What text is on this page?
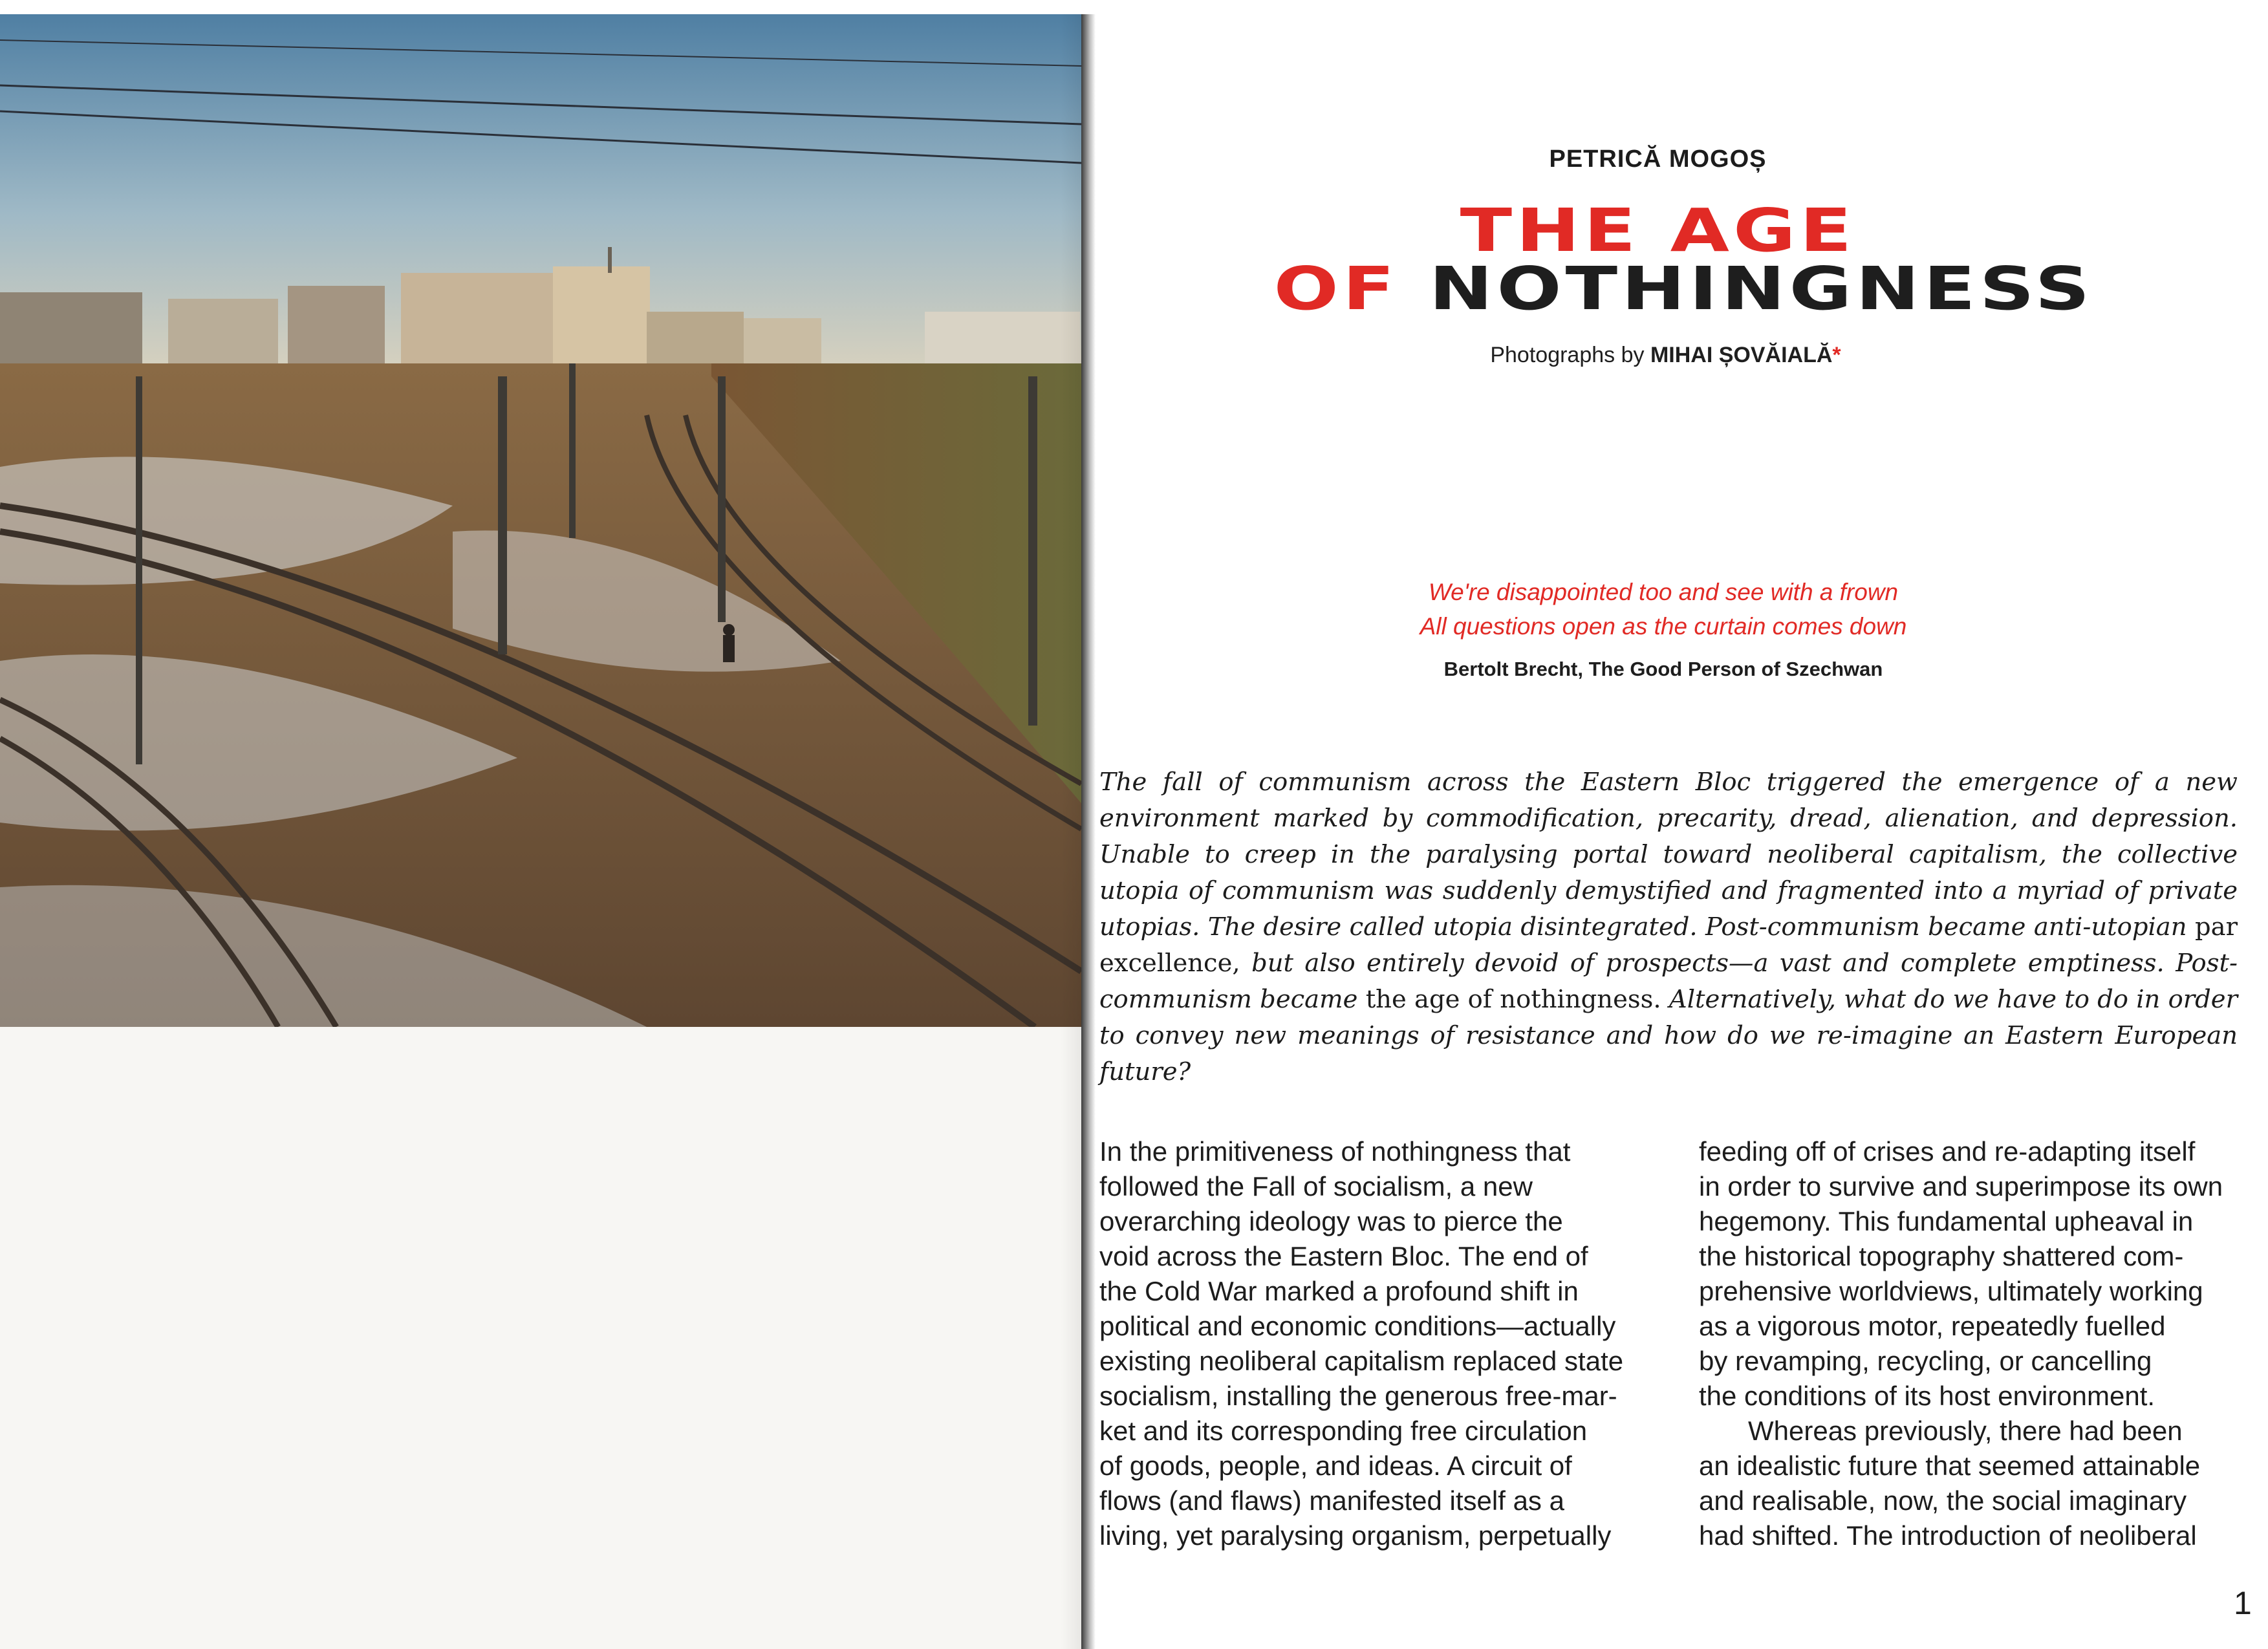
PETRICĂ MOGOȘ
THE AGE
OF NOTHINGNESS
Photographs by MIHAI ȘOVĂIALĂ*
We're disappointed too and see with a frown
All questions open as the curtain comes down
Bertolt Brecht, The Good Person of Szechwan
The fall of communism across the Eastern Bloc triggered the emergence of a new environment marked by commodification, precarity, dread, alienation, and depression. Unable to creep in the paralysing portal toward neoliberal capitalism, the collective utopia of communism was suddenly demystified and fragmented into a myriad of private utopias. The desire called utopia disintegrated. Post-communism became anti-utopian par excellence, but also entirely devoid of prospects—a vast and complete emptiness. Post-communism became the age of nothingness. Alternatively, what do we have to do in order to convey new meanings of resistance and how do we re-imagine an Eastern European future?
In the primitiveness of nothingness that
followed the Fall of socialism, a new
overarching ideology was to pierce the
void across the Eastern Bloc. The end of
the Cold War marked a profound shift in
political and economic conditions—actually
existing neoliberal capitalism replaced state
socialism, installing the generous free-mar-
ket and its corresponding free circulation
of goods, people, and ideas. A circuit of
flows (and flaws) manifested itself as a
living, yet paralysing organism, perpetually
feeding off of crises and re-adapting itself
in order to survive and superimpose its own
hegemony. This fundamental upheaval in
the historical topography shattered com-
prehensive worldviews, ultimately working
as a vigorous motor, repeatedly fuelled
by revamping, recycling, or cancelling
the conditions of its host environment.
Whereas previously, there had been
an idealistic future that seemed attainable
and realisable, now, the social imaginary
had shifted. The introduction of neoliberal
1
